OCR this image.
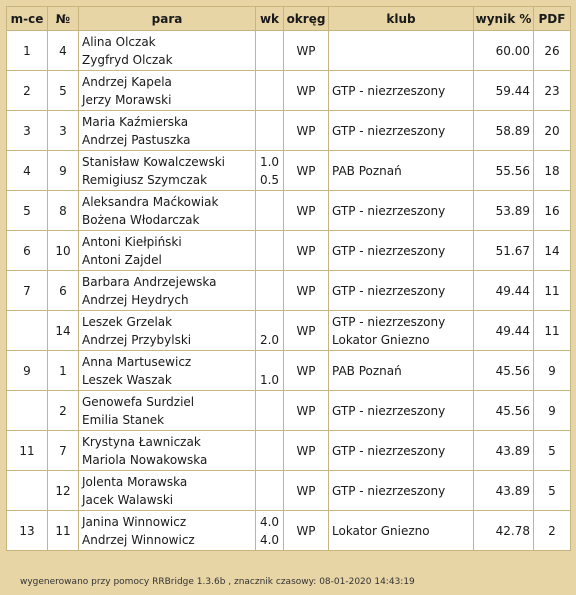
m-ce	№	para	wk	okręg	klub	wynik %	PDF
1	4	Alina Olczak
Zygfryd Olczak		WP		60.00	26
2	5	Andrzej Kapela
Jerzy Morawski		WP	GTP - niezrzeszony	59.44	23
3	3	Maria Kaźmierska
Andrzej Pastuszka		WP	GTP - niezrzeszony	58.89	20
4	9	Stanisław Kowalczewski
Remigiusz Szymczak	1.0
0.5	WP	PAB Poznań	55.56	18
5	8	Aleksandra Maćkowiak
Bożena Włodarczak		WP	GTP - niezrzeszony	53.89	16
6	10	Antoni Kiełpiński
Antoni Zajdel		WP	GTP - niezrzeszony	51.67	14
7	6	Barbara Andrzejewska
Andrzej Heydrych		WP	GTP - niezrzeszony	49.44	11
	14	Leszek Grzelak
Andrzej Przybylski	2.0	WP	GTP - niezrzeszony
Lokator Gniezno	49.44	11
9	1	Anna Martusewicz
Leszek Waszak	1.0	WP	PAB Poznań	45.56	9
	2	Genowefa Surdziel
Emilia Stanek		WP	GTP - niezrzeszony	45.56	9
11	7	Krystyna Ławniczak
Mariola Nowakowska		WP	GTP - niezrzeszony	43.89	5
	12	Jolenta Morawska
Jacek Walawski		WP	GTP - niezrzeszony	43.89	5
13	11	Janina Winnowicz
Andrzej Winnowicz	4.0
4.0	WP	Lokator Gniezno	42.78	2
wygenerowano przy pomocy RRBridge 1.3.6b , znacznik czasowy: 08-01-2020 14:43:19
